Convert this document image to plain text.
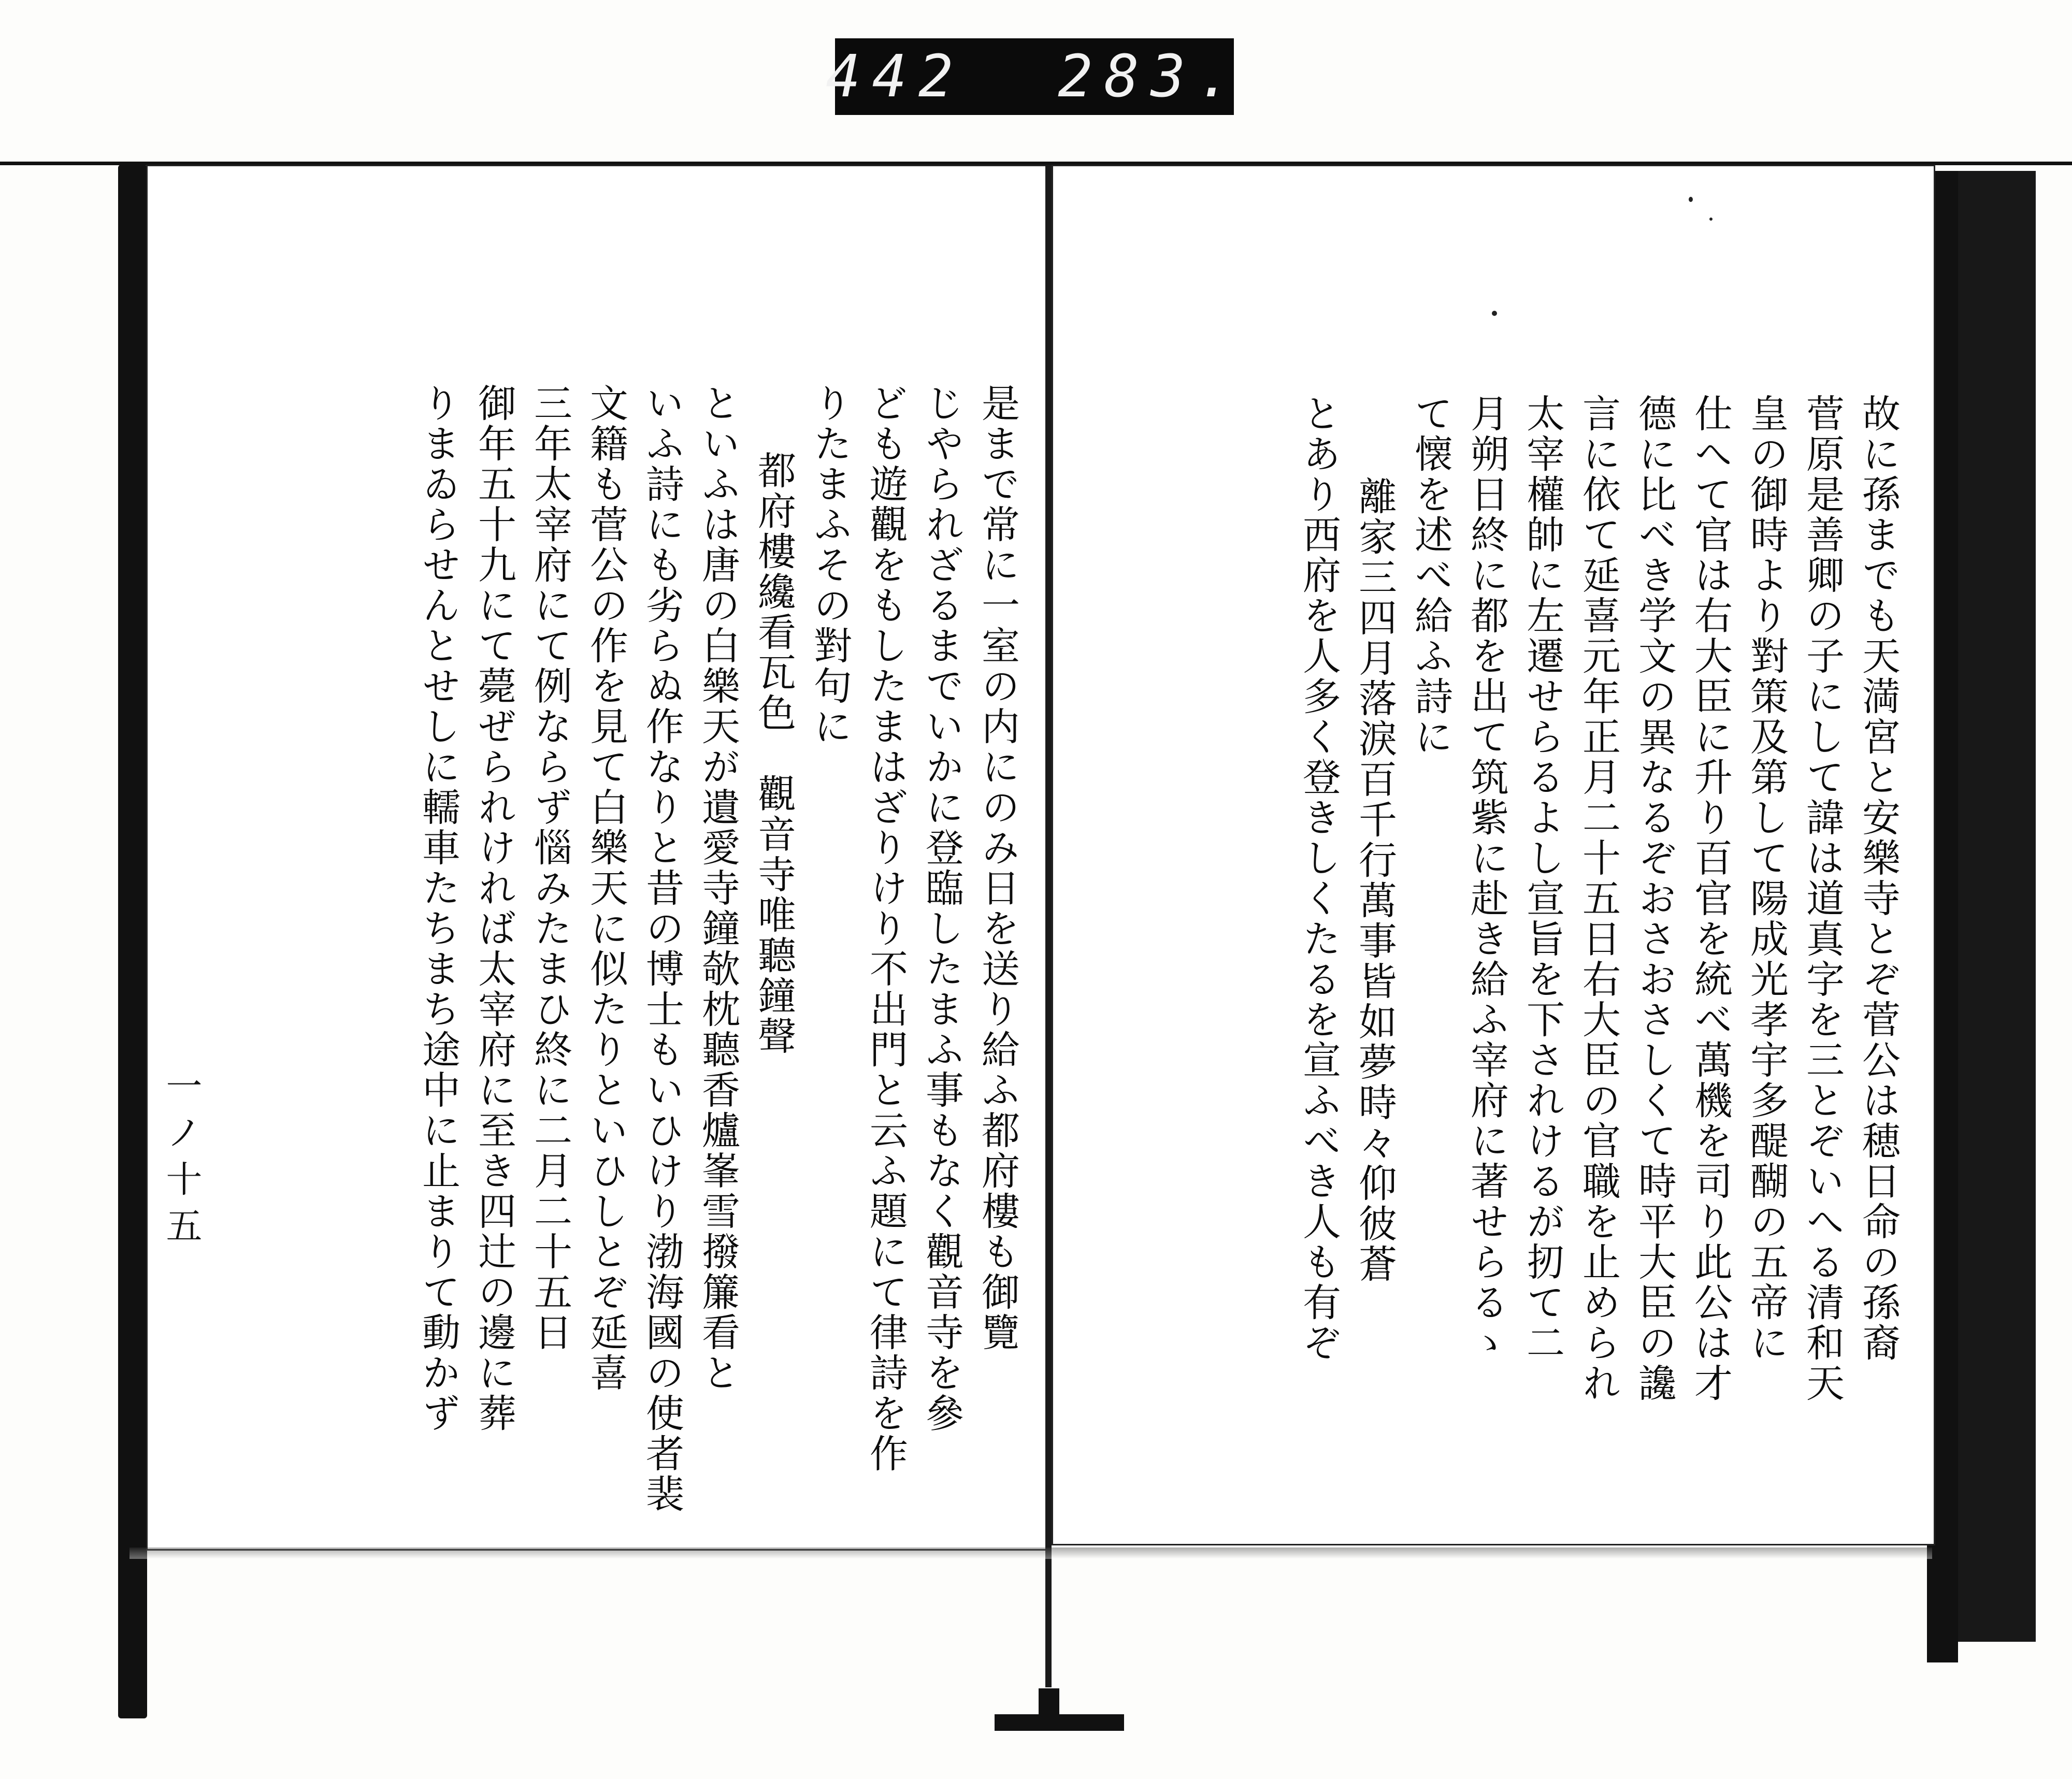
442 283.
故に孫までも天満宮と安樂寺とぞ菅公は穂日命の孫裔
菅原是善卿の子にして諱は道真字を三とぞいへる清和天
皇の御時より對策及第して陽成光孝宇多醍醐の五帝に
仕へて官は右大臣に升り百官を統べ萬機を司り此公は才
德に比べき学文の異なるぞおさおさしくて時平大臣の讒
言に依て延喜元年正月二十五日右大臣の官職を止められ
太宰權帥に左遷せらるよし宣旨を下されけるが扨て二
月朔日終に都を出て筑紫に赴き給ふ宰府に著せらるゝ
て懐を述べ給ふ詩に
離家三四月落淚百千行萬事皆如夢時々仰彼蒼
とあり西府を人多く登きしくたるを宣ふべき人も有ぞ
是まで常に一室の内にのみ日を送り給ふ都府樓も御覽
じやられざるまでいかに登臨したまふ事もなく觀音寺を參
ども遊觀をもしたまはざりけり不出門と云ふ題にて律詩を作
りたまふその對句に
都府樓纔看瓦色　觀音寺唯聽鐘聲
といふは唐の白樂天が遺愛寺鐘欹枕聽香爐峯雪撥簾看と
いふ詩にも劣らぬ作なりと昔の博士もいひけり渤海國の使者裴
文籍も菅公の作を見て白樂天に似たりといひしとぞ延喜
三年太宰府にて例ならず惱みたまひ終に二月二十五日
御年五十九にて薨ぜられければ太宰府に至き四辻の邊に葬
りまゐらせんとせしに轜車たちまち途中に止まりて動かず
一ノ十五
